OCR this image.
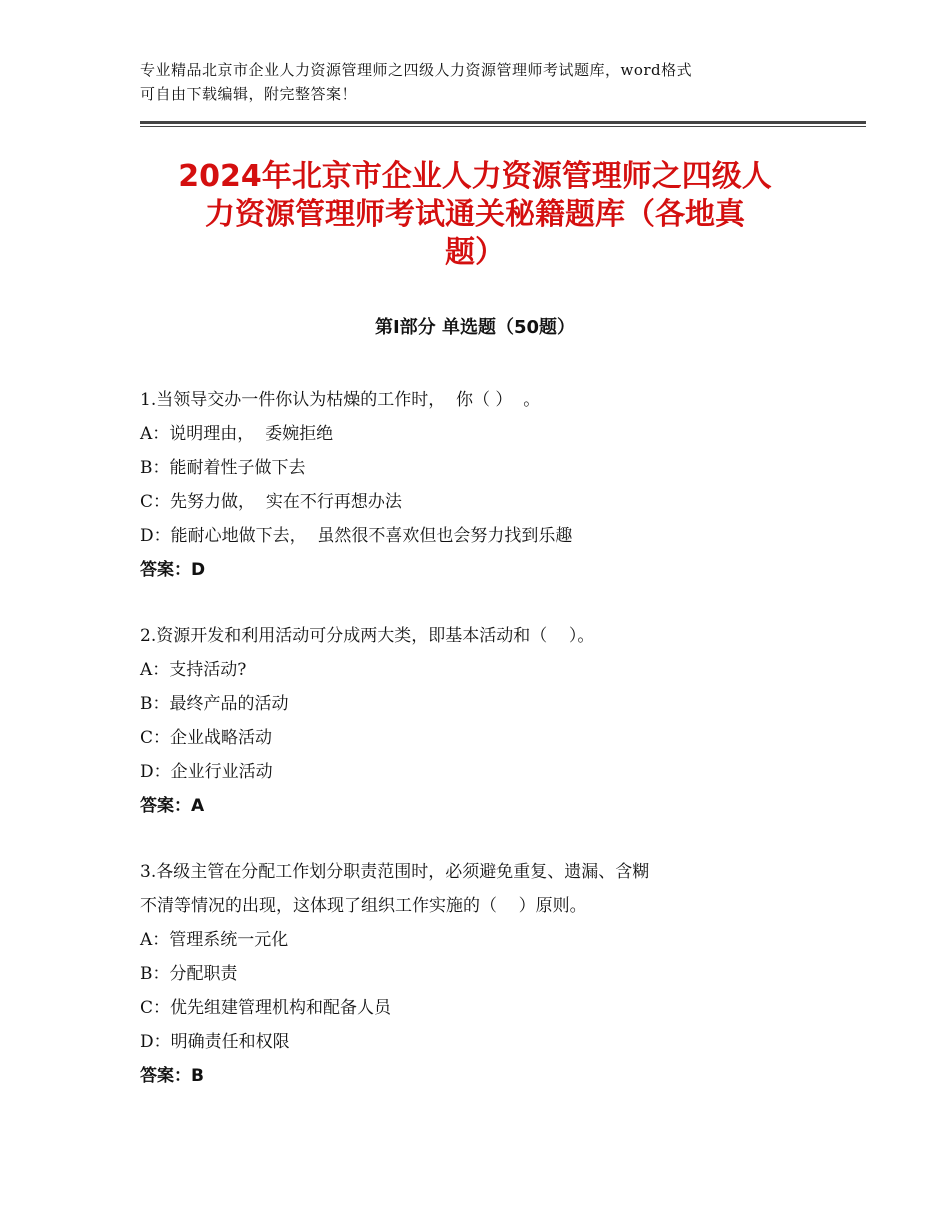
专业精品北京市企业人力资源管理师之四级人力资源管理师考试题库，word格式
可自由下载编辑，附完整答案！
2024年北京市企业人力资源管理师之四级人
力资源管理师考试通关秘籍题库（各地真
题）
第Ⅰ部分 单选题（50题）
1.当领导交办一件你认为枯燥的工作时，  你（ ）  。
A：说明理由，  委婉拒绝
B：能耐着性子做下去
C：先努力做，  实在不行再想办法
D：能耐心地做下去，  虽然很不喜欢但也会努力找到乐趣
答案：D
2.资源开发和利用活动可分成两大类，即基本活动和（    ）。
A：支持活动?
B：最终产品的活动
C：企业战略活动
D：企业行业活动
答案：A
3.各级主管在分配工作划分职责范围时，必须避免重复、遗漏、含糊
不清等情况的出现，这体现了组织工作实施的（    ）原则。
A：管理系统一元化
B：分配职责
C：优先组建管理机构和配备人员
D：明确责任和权限
答案：B
